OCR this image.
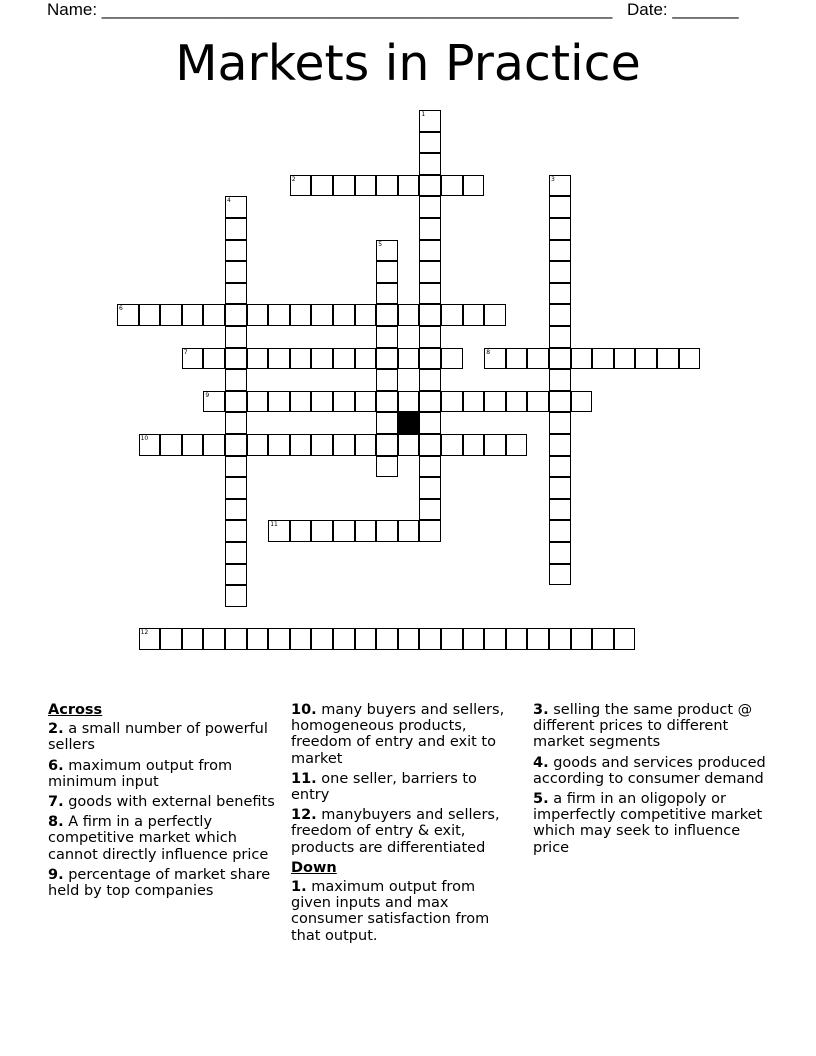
Name: ______________________________________________________ Date: _______
Markets in Practice
1
2	3
4
5
6
7	8
9
10
11
12
Across
2. a small number of powerful sellers
6. maximum output from minimum input
7. goods with external benefits
8. A firm in a perfectly competitive market which cannot directly influence price
9. percentage of market share held by top companies
10. many buyers and sellers, homogeneous products, freedom of entry and exit to market
11. one seller, barriers to entry
12. manybuyers and sellers, freedom of entry & exit, products are differentiated
Down
1. maximum output from given inputs and max consumer satisfaction from that output.
3. selling the same product @ different prices to different market segments
4. goods and services produced according to consumer demand
5. a firm in an oligopoly or imperfectly competitive market which may seek to influence price
